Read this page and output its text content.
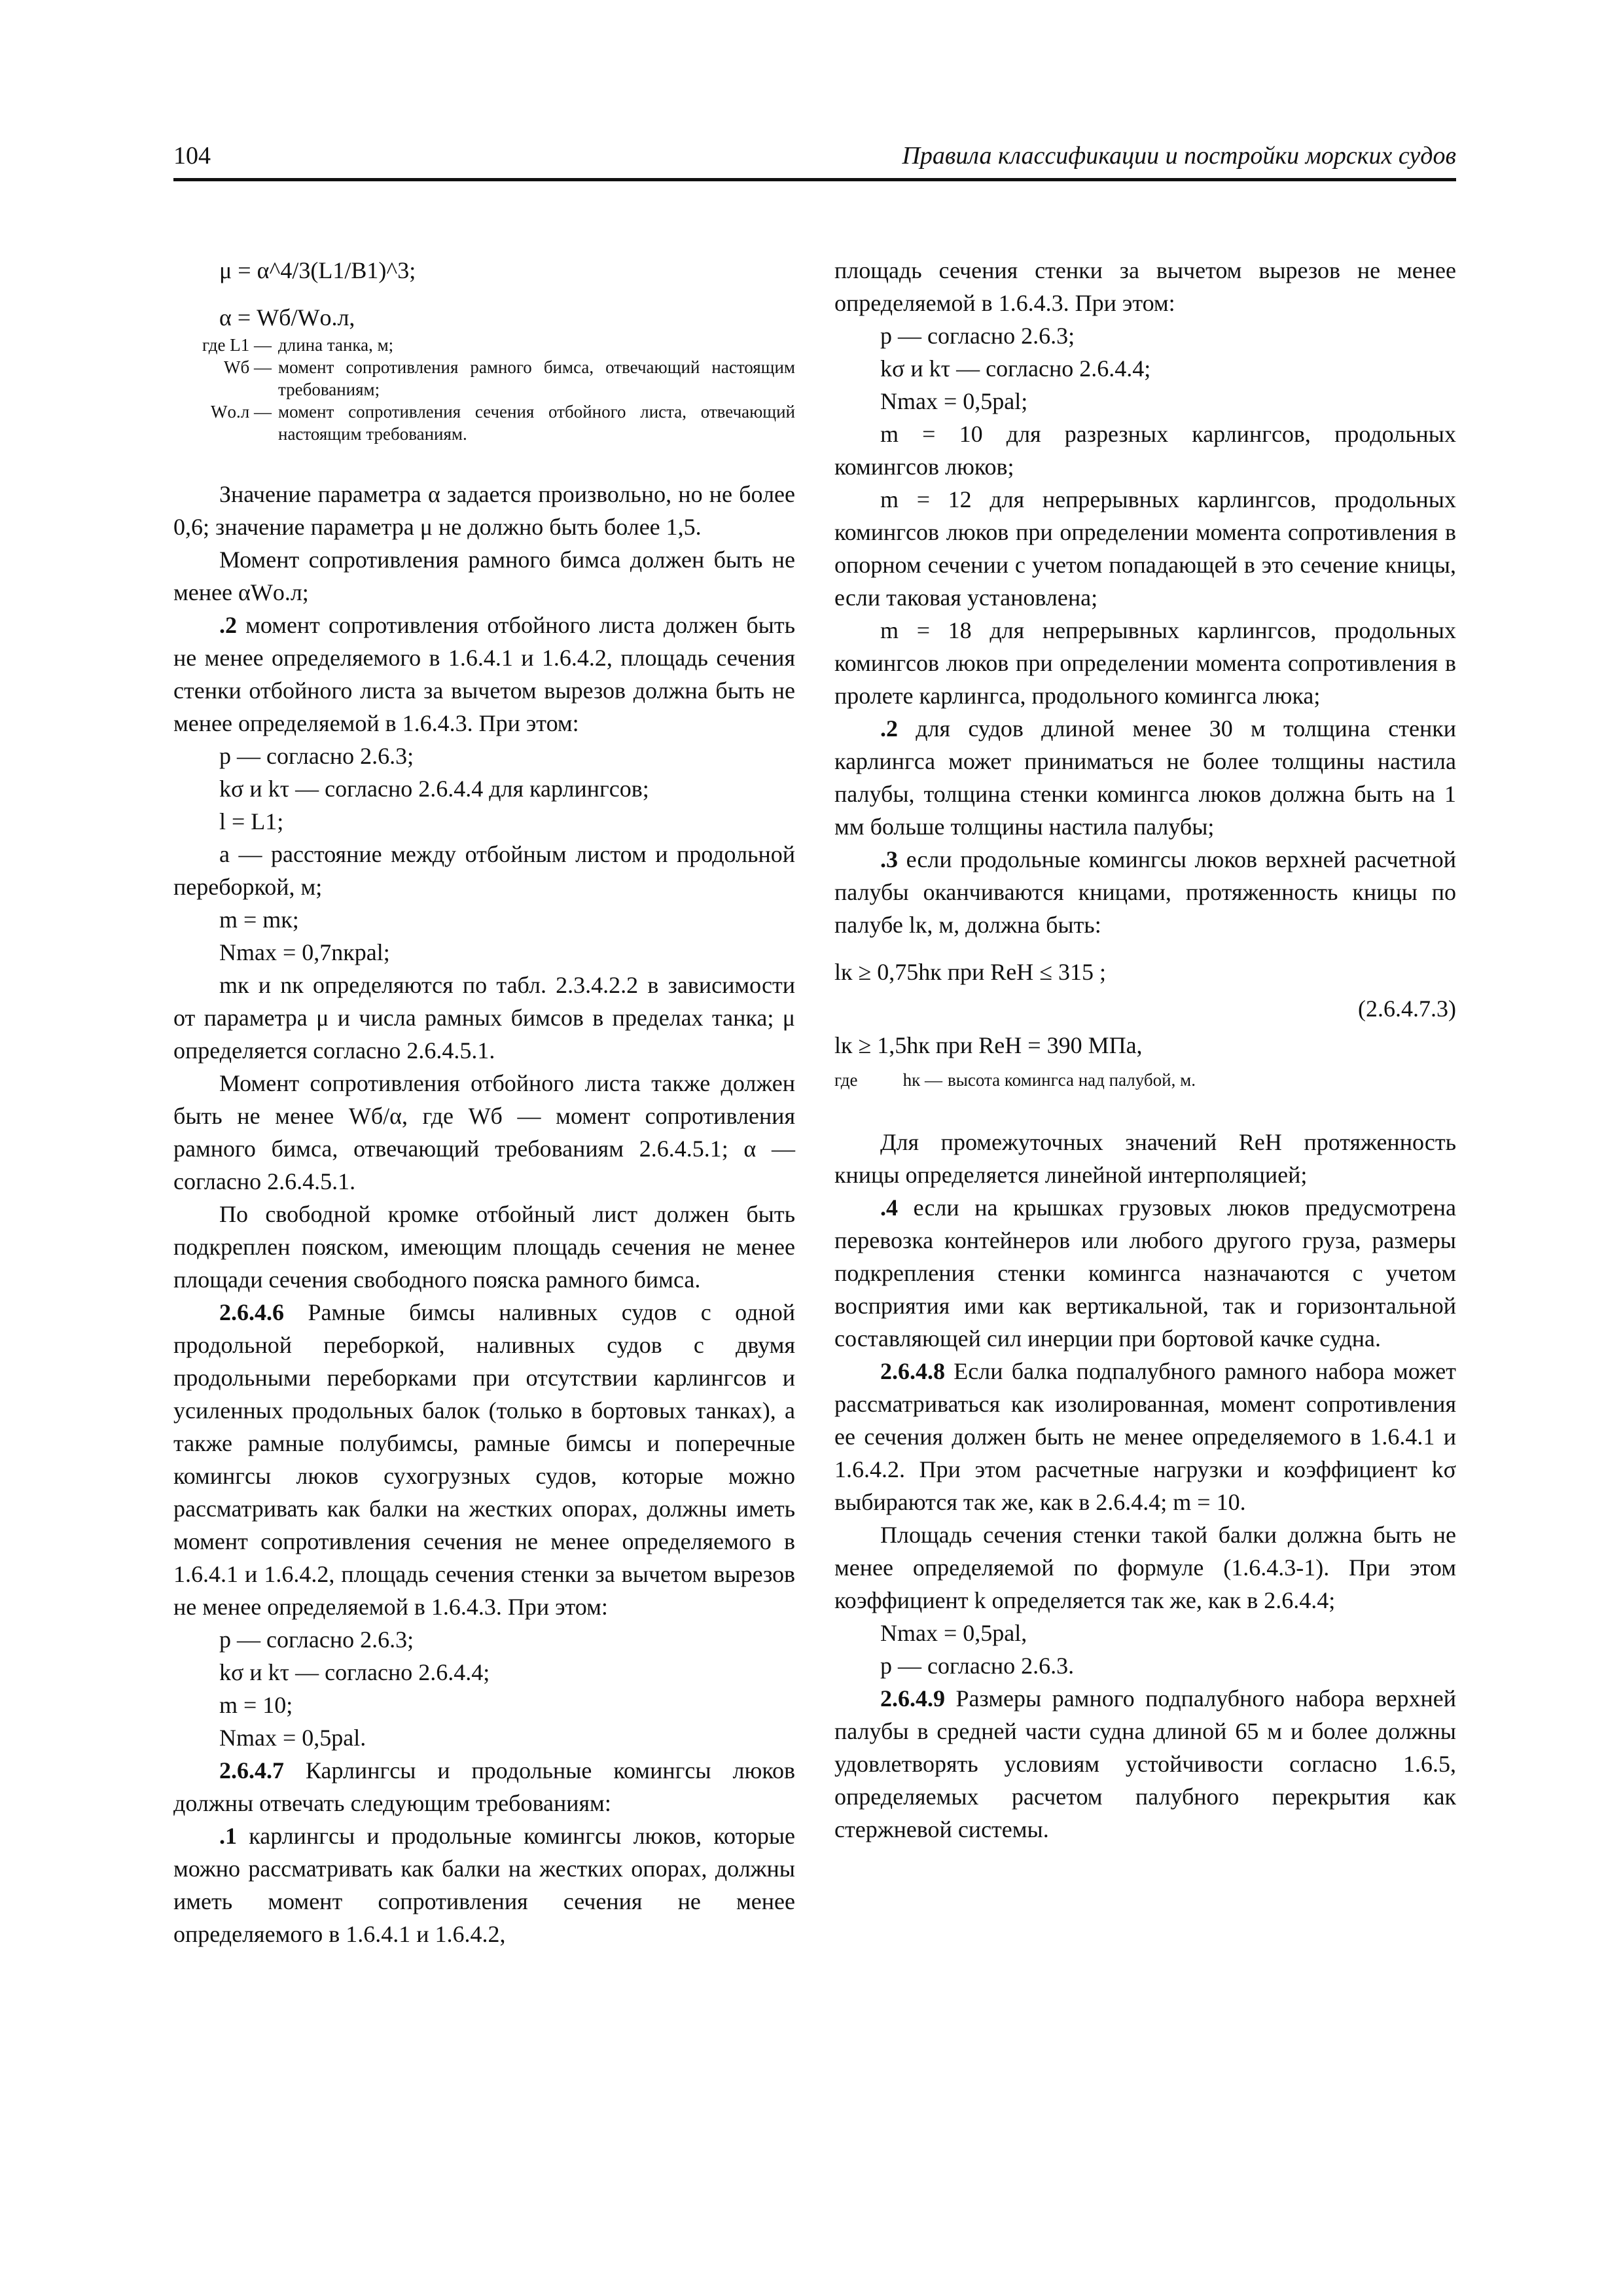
104	Правила классификации и постройки морских судов

μ = α^4/3(L1/B1)^3;

α = Wб/Wо.л,

где L1 — длина танка, м;
Wб — момент сопротивления рамного бимса, отвечающий настоящим требованиям;
Wо.л — момент сопротивления сечения отбойного листа, отвечающий настоящим требованиям.

Значение параметра α задается произвольно, но не более 0,6; значение параметра μ не должно быть более 1,5.

Момент сопротивления рамного бимса должен быть не менее αWо.л;

.2 момент сопротивления отбойного листа должен быть не менее определяемого в 1.6.4.1 и 1.6.4.2, площадь сечения стенки отбойного листа за вычетом вырезов должна быть не менее определяемой в 1.6.4.3. При этом:

p — согласно 2.6.3;

kσ и kτ — согласно 2.6.4.4 для карлингсов;

l = L1;

a — расстояние между отбойным листом и продольной переборкой, м;

m = mк;

Nmax = 0,7nкpal;

mк и nк определяются по табл. 2.3.4.2.2 в зависимости от параметра μ и числа рамных бимсов в пределах танка; μ определяется согласно 2.6.4.5.1.

Момент сопротивления отбойного листа также должен быть не менее Wб/α, где Wб — момент сопротивления рамного бимса, отвечающий требованиям 2.6.4.5.1; α — согласно 2.6.4.5.1.

По свободной кромке отбойный лист должен быть подкреплен пояском, имеющим площадь сечения не менее площади сечения свободного пояска рамного бимса.

2.6.4.6 Рамные бимсы наливных судов с одной продольной переборкой, наливных судов с двумя продольными переборками при отсутствии карлингсов и усиленных продольных балок (только в бортовых танках), а также рамные полубимсы, рамные бимсы и поперечные комингсы люков сухогрузных судов, которые можно рассматривать как балки на жестких опорах, должны иметь момент сопротивления сечения не менее определяемого в 1.6.4.1 и 1.6.4.2, площадь сечения стенки за вычетом вырезов не менее определяемой в 1.6.4.3. При этом:

p — согласно 2.6.3;

kσ и kτ — согласно 2.6.4.4;

m = 10;

Nmax = 0,5pal.

2.6.4.7 Карлингсы и продольные комингсы люков должны отвечать следующим требованиям:

.1 карлингсы и продольные комингсы люков, которые можно рассматривать как балки на жестких опорах, должны иметь момент сопротивления сечения не менее определяемого в 1.6.4.1 и 1.6.4.2,

площадь сечения стенки за вычетом вырезов не менее определяемой в 1.6.4.3. При этом:

p — согласно 2.6.3;

kσ и kτ — согласно 2.6.4.4;

Nmax = 0,5pal;

m = 10 для разрезных карлингсов, продольных комингсов люков;

m = 12 для непрерывных карлингсов, продольных комингсов люков при определении момента сопротивления в опорном сечении с учетом попадающей в это сечение кницы, если таковая установлена;

m = 18 для непрерывных карлингсов, продольных комингсов люков при определении момента сопротивления в пролете карлингса, продольного комингса люка;

.2 для судов длиной менее 30 м толщина стенки карлингса может приниматься не более толщины настила палубы, толщина стенки комингса люков должна быть на 1 мм больше толщины настила палубы;

.3 если продольные комингсы люков верхней расчетной палубы оканчиваются кницами, протяженность кницы по палубе lк, м, должна быть:

lк ≥ 0,75hк при ReH ≤ 315 ;
(2.6.4.7.3)
lк ≥ 1,5hк при ReH = 390 МПа,
где	hк — высота комингса над палубой, м.

Для промежуточных значений ReH протяженность кницы определяется линейной интерполяцией;

.4 если на крышках грузовых люков предусмотрена перевозка контейнеров или любого другого груза, размеры подкрепления стенки комингса назначаются с учетом восприятия ими как вертикальной, так и горизонтальной составляющей сил инерции при бортовой качке судна.

2.6.4.8 Если балка подпалубного рамного набора может рассматриваться как изолированная, момент сопротивления ее сечения должен быть не менее определяемого в 1.6.4.1 и 1.6.4.2. При этом расчетные нагрузки и коэффициент kσ выбираются так же, как в 2.6.4.4; m = 10.

Площадь сечения стенки такой балки должна быть не менее определяемой по формуле (1.6.4.3-1). При этом коэффициент k определяется так же, как в 2.6.4.4;

Nmax = 0,5pal,

p — согласно 2.6.3.

2.6.4.9 Размеры рамного подпалубного набора верхней палубы в средней части судна длиной 65 м и более должны удовлетворять условиям устойчивости согласно 1.6.5, определяемых расчетом палубного перекрытия как стержневой системы.
